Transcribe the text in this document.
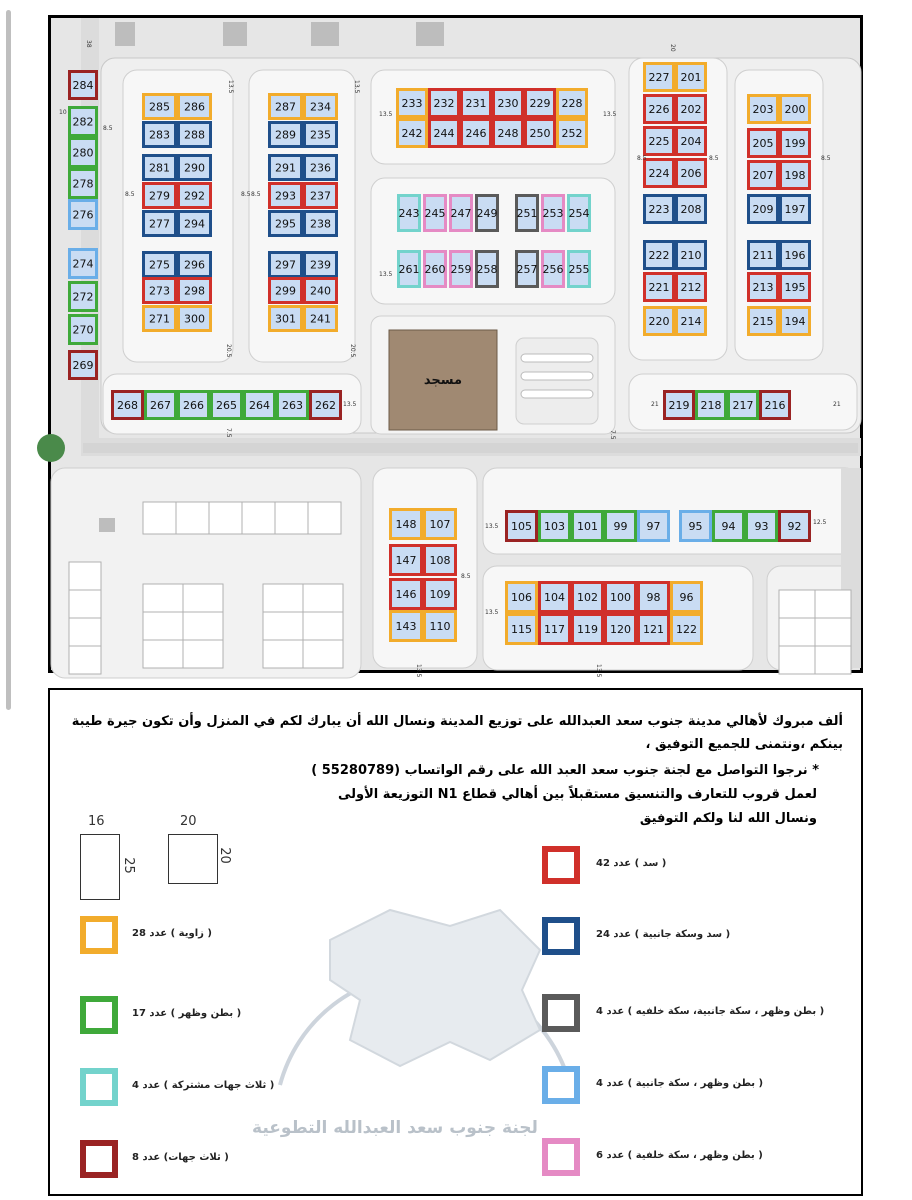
مسجد
284
282
280
278
276
274
272
270
269
285 286
283 288
281 290
279 292
277 294
275 296
273 298
271 300
287 234
289 235
291 236
293 237
295 238
297 239
299 240
301 241
233 232 231 230 229 228
242 244 246 248 250 252
243 245 247 249 251 253 254
261 260 259 258 257 256 255
227 201
226 202
225 204
224 206
223 208
222 210
221 212
220 214
203 200
205 199
207 198
209 197
211 196
213 195
215 194
268 267 266 265 264 263 262	219 218 217 216
148 107
147 108
146 109
143 110
105 103 101 99 97	95 94 93 92
106 104 102 100 98 96
115 117 119 120 121 122
38
10
8.5
13.5	13.5
13.5	13.5
20
20.5	20.5
8.5
8.5	8.5
8.5	8.5	8.5
13.5
21	21
13.5
12.5
13.5
13.5
8.5
7.5	7.5
13.5	13.5

ألف مبروك لأهالي مدينة جنوب سعد العبدالله على توزيع المدينة ونسال الله أن يبارك لكم في المنزل وأن تكون جيرة طيبة

بينكم ،ونتمنى للجميع التوفيق ،

* نرجوا التواصل مع لجنة جنوب سعد العبد الله على رقم الواتساب (55280789 )

لعمل قروب للتعارف والتنسيق مستقبلاً بين أهالي قطاع N1 التوزيعة الأولى

ونسال الله لنا ولكم التوفيق

لجنة جنوب سعد العبدالله التطوعية
16
25
20
20	( سد ) عدد 42
( سد وسكة جانبية ) عدد 24
( بطن وظهر ، سكة جانبية، سكة خلفيه ) عدد 4
( بطن وظهر ، سكة جانبية ) عدد 4
( بطن وظهر ، سكة خلفية ) عدد 6
( زاوية ) عدد 28
( بطن وظهر ) عدد 17
( ثلاث جهات مشتركة ) عدد 4
( ثلاث جهات) عدد 8
